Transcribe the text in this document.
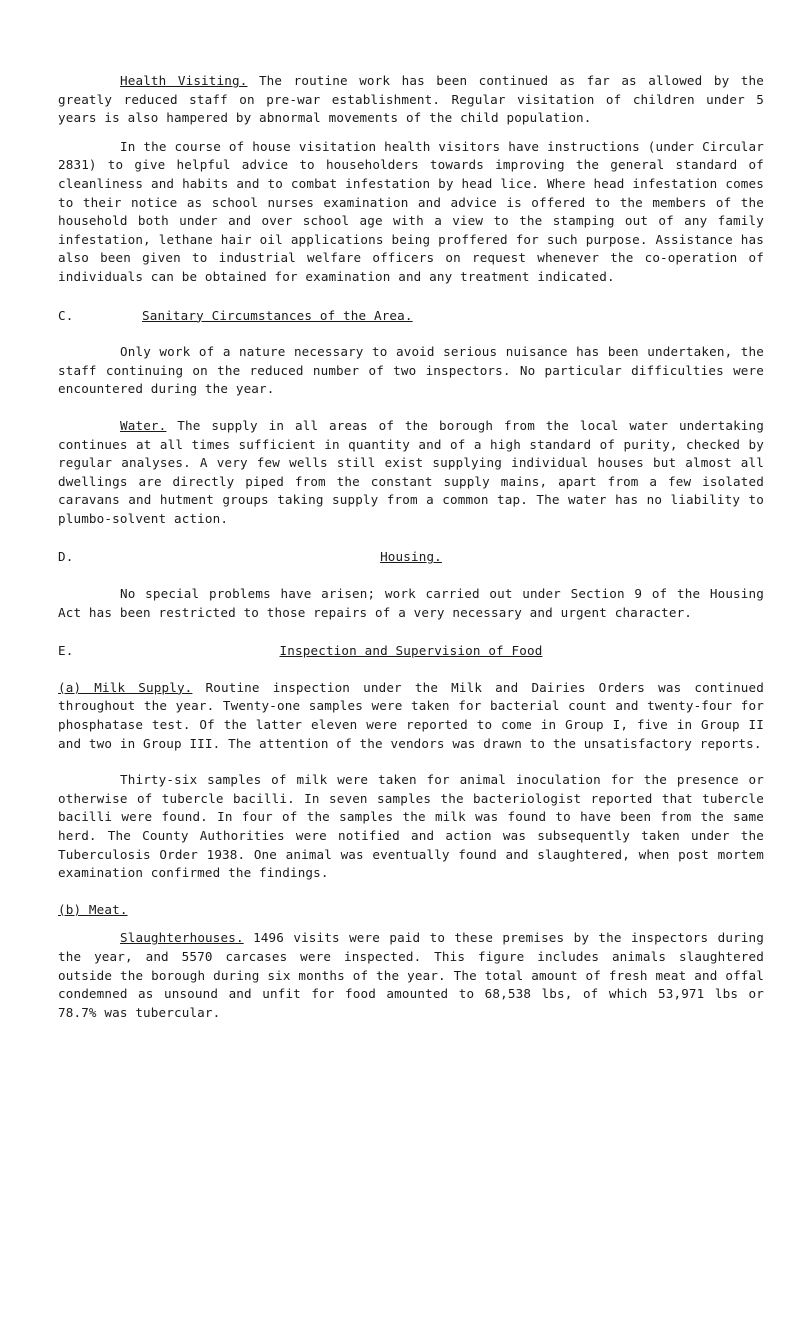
Health Visiting. The routine work has been continued as far as allowed by the greatly reduced staff on pre-war establishment. Regular visitation of children under 5 years is also hampered by abnormal movements of the child population.

In the course of house visitation health visitors have instructions (under Circular 2831) to give helpful advice to householders towards improving the general standard of cleanliness and habits and to combat infestation by head lice. Where head infestation comes to their notice as school nurses examination and advice is offered to the members of the household both under and over school age with a view to the stamping out of any family infestation, lethane hair oil applications being proffered for such purpose. Assistance has also been given to industrial welfare officers on request whenever the co-operation of individuals can be obtained for examination and any treatment indicated.

C.	Sanitary Circumstances of the Area.

Only work of a nature necessary to avoid serious nuisance has been undertaken, the staff continuing on the reduced number of two inspectors. No particular difficulties were encountered during the year.

Water. The supply in all areas of the borough from the local water undertaking continues at all times sufficient in quantity and of a high standard of purity, checked by regular analyses. A very few wells still exist supplying individual houses but almost all dwellings are directly piped from the constant supply mains, apart from a few isolated caravans and hutment groups taking supply from a common tap. The water has no liability to plumbo-solvent action.

D.	Housing.

No special problems have arisen; work carried out under Section 9 of the Housing Act has been restricted to those repairs of a very necessary and urgent character.

E.	Inspection and Supervision of Food

(a) Milk Supply. Routine inspection under the Milk and Dairies Orders was continued throughout the year. Twenty-one samples were taken for bacterial count and twenty-four for phosphatase test. Of the latter eleven were reported to come in Group I, five in Group II and two in Group III. The attention of the vendors was drawn to the unsatisfactory reports.

Thirty-six samples of milk were taken for animal inoculation for the presence or otherwise of tubercle bacilli. In seven samples the bacteriologist reported that tubercle bacilli were found. In four of the samples the milk was found to have been from the same herd. The County Authorities were notified and action was subsequently taken under the Tuberculosis Order 1938. One animal was eventually found and slaughtered, when post mortem examination confirmed the findings.

(b) Meat.

Slaughterhouses. 1496 visits were paid to these premises by the inspectors during the year, and 5570 carcases were inspected. This figure includes animals slaughtered outside the borough during six months of the year. The total amount of fresh meat and offal condemned as unsound and unfit for food amounted to 68,538 lbs, of which 53,971 lbs or 78.7% was tubercular.
